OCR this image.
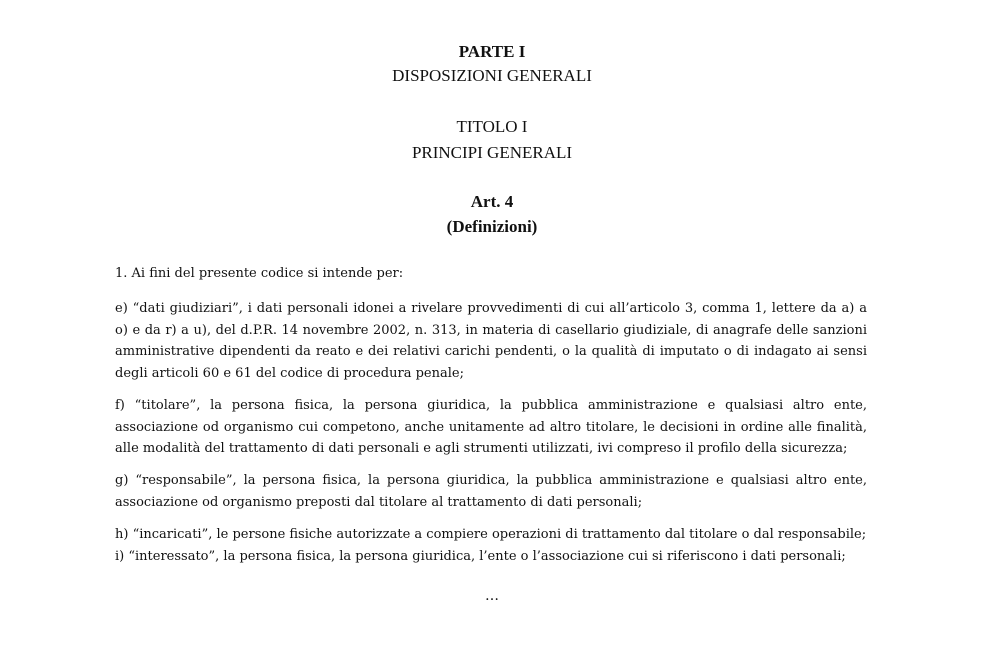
PARTE I
DISPOSIZIONI GENERALI
TITOLO I
PRINCIPI GENERALI
Art. 4
(Definizioni)
1. Ai fini del presente codice si intende per:
e) “dati giudiziari”, i dati personali idonei a rivelare provvedimenti di cui all’articolo 3, comma 1, lettere da a) a
o) e da r) a u), del d.P.R. 14 novembre 2002, n. 313, in materia di casellario giudiziale, di anagrafe delle sanzioni
amministrative dipendenti da reato e dei relativi carichi pendenti, o la qualità di imputato o di indagato ai sensi
degli articoli 60 e 61 del codice di procedura penale;
f) “titolare”, la persona fisica, la persona giuridica, la pubblica amministrazione e qualsiasi altro ente,
associazione od organismo cui competono, anche unitamente ad altro titolare, le decisioni in ordine alle finalità,
alle modalità del trattamento di dati personali e agli strumenti utilizzati, ivi compreso il profilo della sicurezza;
g) “responsabile”, la persona fisica, la persona giuridica, la pubblica amministrazione e qualsiasi altro ente,
associazione od organismo preposti dal titolare al trattamento di dati personali;
h) “incaricati”, le persone fisiche autorizzate a compiere operazioni di trattamento dal titolare o dal responsabile;
i) “interessato”, la persona fisica, la persona giuridica, l’ente o l’associazione cui si riferiscono i dati personali;
…
